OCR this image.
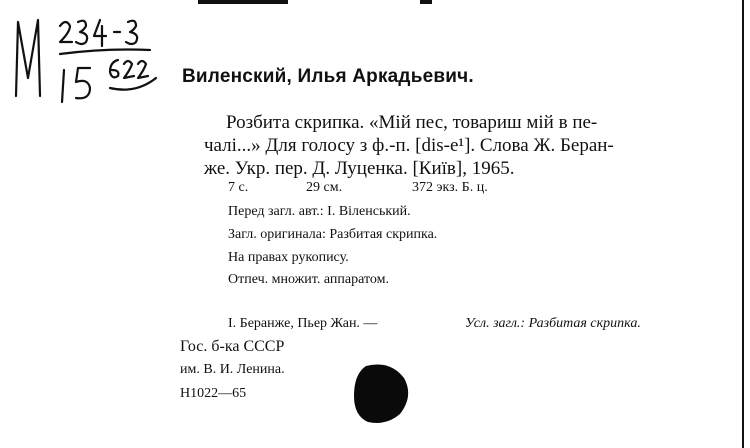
М
Виленский, Илья Аркадьевич.
Розбита скрипка. «Мій пес, товариш мій в пе-
чалі...» Для голосу з ф.-п. [dis-e¹]. Слова Ж. Беран-
же. Укр. пер. Д. Луценка. [Київ], 1965.
7 с.	29 см.	372 экз. Б. ц.
Перед загл. авт.: І. Віленський.
Загл. оригинала: Разбитая скрипка.
На правах рукопису.
Отпеч. множит. аппаратом.
І. Беранже, Пьер Жан. —	Усл. загл.: Разбитая скрипка.
Гос. б-ка СССР
им. В. И. Ленина.
Н1022—65
